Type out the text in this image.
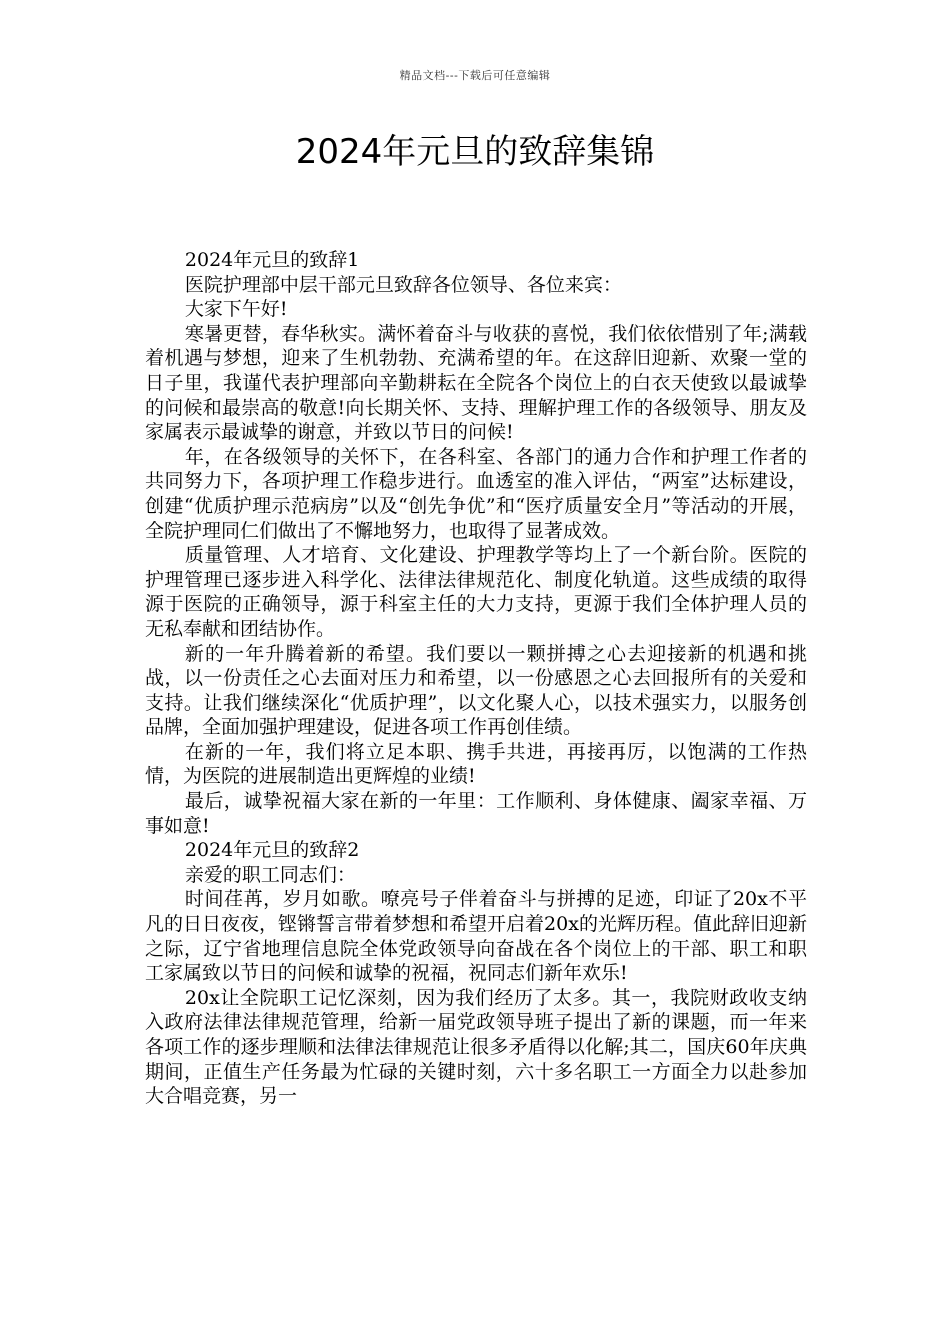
精品文档---下载后可任意编辑
2024年元旦的致辞集锦

2024年元旦的致辞1

医院护理部中层干部元旦致辞各位领导、各位来宾：

大家下午好!

寒暑更替，春华秋实。满怀着奋斗与收获的喜悦，我们依依惜别了年;满载着机遇与梦想，迎来了生机勃勃、充满希望的年。在这辞旧迎新、欢聚一堂的日子里，我谨代表护理部向辛勤耕耘在全院各个岗位上的白衣天使致以最诚挚的问候和最崇高的敬意!向长期关怀、支持、理解护理工作的各级领导、朋友及家属表示最诚挚的谢意，并致以节日的问候!

年，在各级领导的关怀下，在各科室、各部门的通力合作和护理工作者的共同努力下，各项护理工作稳步进行。血透室的准入评估，“两室”达标建设，创建“优质护理示范病房”以及“创先争优”和“医疗质量安全月”等活动的开展，全院护理同仁们做出了不懈地努力，也取得了显著成效。

质量管理、人才培育、文化建设、护理教学等均上了一个新台阶。医院的护理管理已逐步进入科学化、法律法律规范化、制度化轨道。这些成绩的取得源于医院的正确领导，源于科室主任的大力支持，更源于我们全体护理人员的无私奉献和团结协作。

新的一年升腾着新的希望。我们要以一颗拼搏之心去迎接新的机遇和挑战，以一份责任之心去面对压力和希望，以一份感恩之心去回报所有的关爱和支持。让我们继续深化“优质护理”，以文化聚人心，以技术强实力，以服务创品牌，全面加强护理建设，促进各项工作再创佳绩。

在新的一年，我们将立足本职、携手共进，再接再厉，以饱满的工作热情，为医院的进展制造出更辉煌的业绩!

最后，诚挚祝福大家在新的一年里：工作顺利、身体健康、阖家幸福、万事如意!

2024年元旦的致辞2

亲爱的职工同志们：

时间荏苒，岁月如歌。嘹亮号子伴着奋斗与拼搏的足迹，印证了20x不平凡的日日夜夜，铿锵誓言带着梦想和希望开启着20x的光辉历程。值此辞旧迎新之际，辽宁省地理信息院全体党政领导向奋战在各个岗位上的干部、职工和职工家属致以节日的问候和诚挚的祝福，祝同志们新年欢乐!

20x让全院职工记忆深刻，因为我们经历了太多。其一，我院财政收支纳入政府法律法律规范管理，给新一届党政领导班子提出了新的课题，而一年来各项工作的逐步理顺和法律法律规范让很多矛盾得以化解;其二，国庆60年庆典期间，正值生产任务最为忙碌的关键时刻，六十多名职工一方面全力以赴参加大合唱竞赛，另一
